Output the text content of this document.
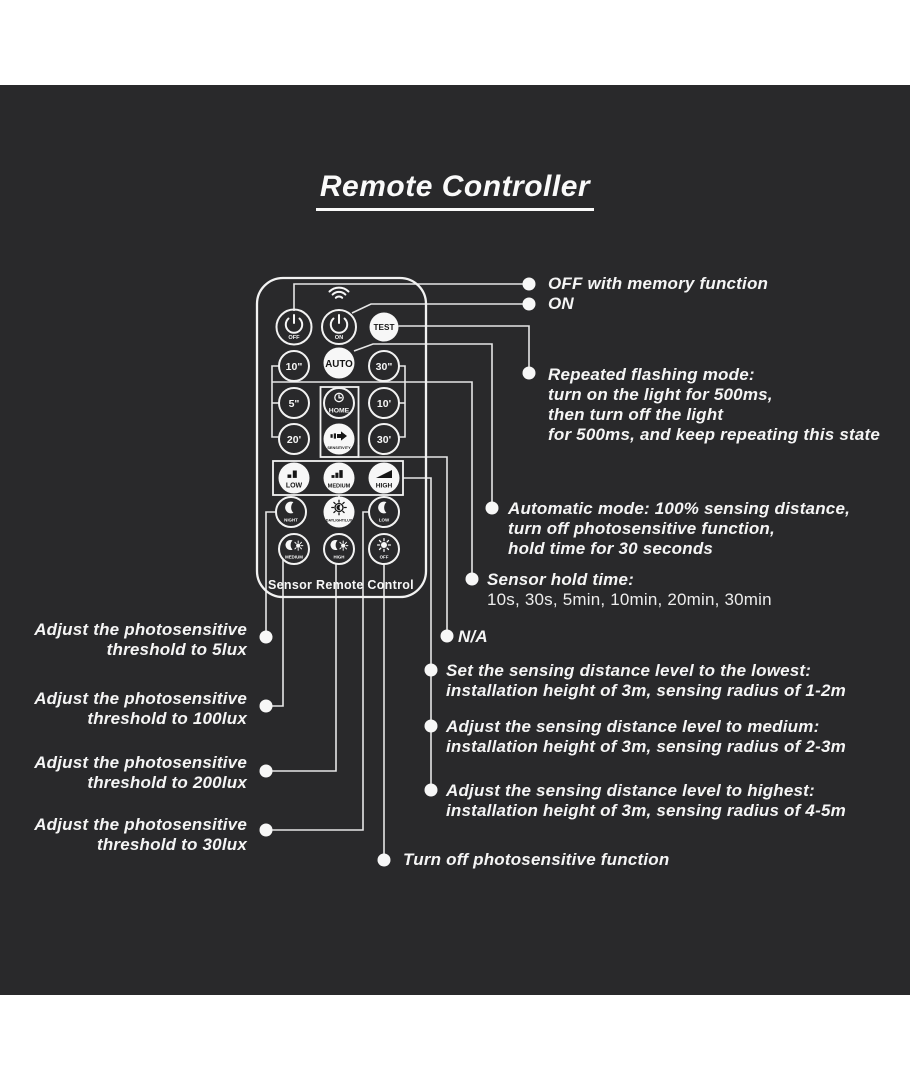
Remote Controller
OFF	ON
TEST
10" AUTO 30"
5"
HOME
10'
20'
SENSITIVITY
30'
LOW	MEDIUM	HIGH
NIGHT	DAYLIGHT/LUX	LOW
MEDIUM	HIGH	OFF
Sensor Remote Control
OFF with memory function
ON
Repeated flashing mode:
turn on the light for 500ms,
then turn off the light
for 500ms, and keep repeating this state
Automatic mode: 100% sensing distance,
turn off photosensitive function,
hold time for 30 seconds
Sensor hold time:
10s, 30s, 5min, 10min, 20min, 30min
N/A
Set the sensing distance level to the lowest:
installation height of 3m, sensing radius of 1-2m
Adjust the sensing distance level to medium:
installation height of 3m, sensing radius of 2-3m
Adjust the sensing distance level to highest:
installation height of 3m, sensing radius of 4-5m
Adjust the photosensitive
threshold to 5lux
Adjust the photosensitive
threshold to 100lux
Adjust the photosensitive
threshold to 200lux
Adjust the photosensitive
threshold to 30lux
Turn off photosensitive function
